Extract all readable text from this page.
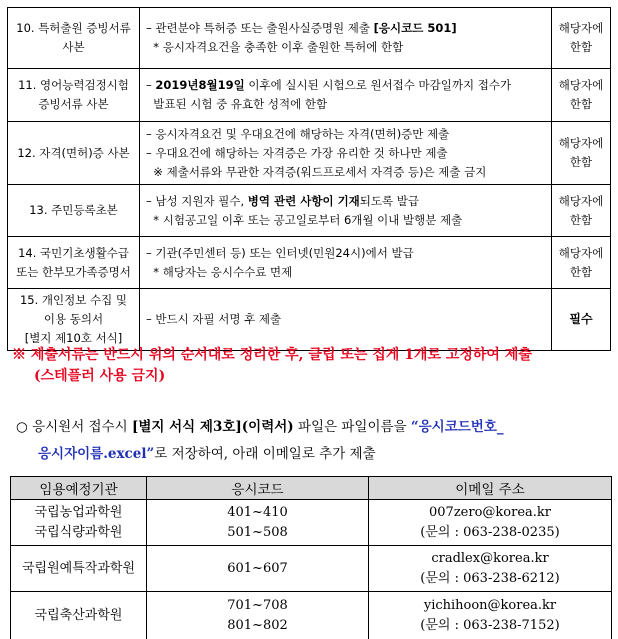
10. 특허출원 증빙서류
사본	– 관련분야 특허증 또는 출원사실증명원 제출 [응시코드 501]
* 응시자격요건을 충족한 이후 출원한 특허에 한함	해당자에
한함

11. 영어능력검정시험
증빙서류 사본	– 2019년8월19일 이후에 실시된 시험으로 원서접수 마감일까지 접수가
발표된 시험 중 유효한 성적에 한함	해당자에
한함

12. 자격(면허)증 사본	– 응시자격요건 및 우대요건에 해당하는 자격(면허)증만 제출
– 우대요건에 해당하는 자격증은 가장 유리한 것 하나만 제출
※ 제출서류와 무관한 자격증(워드프로세서 자격증 등)은 제출 금지	해당자에
한함

13. 주민등록초본	– 남성 지원자 필수, 병역 관련 사항이 기재되도록 발급
* 시험공고일 이후 또는 공고일로부터 6개월 이내 발행분 제출	해당자에
한함

14. 국민기초생활수급
또는 한부모가족증명서	– 기관(주민센터 등) 또는 인터넷(민원24시)에서 발급
* 해당자는 응시수수료 면제	해당자에
한함

15. 개인정보 수집 및
이용 동의서
[별지 제10호 서식]	– 반드시 자필 서명 후 제출	필수
※ 제출서류는 반드시 위의 순서대로 정리한 후, 클립 또는 집게 1개로 고정하여 제출
(스테플러 사용 금지)
○ 응시원서 접수시 [별지 서식 제3호](이력서) 파일은 파일이름을 “응시코드번호_
응시자이름.excel”로 저장하여, 아래 이메일로 추가 제출
임용예정기관	응시코드	이메일 주소

국립농업과학원
국립식량과학원	401~410
501~508	007zero@korea.kr
(문의 : 063-238-0235)

국립원예특작과학원	601~607	cradlex@korea.kr
(문의 : 063-238-6212)

국립축산과학원	701~708
801~802	yichihoon@korea.kr
(문의 : 063-238-7152)
